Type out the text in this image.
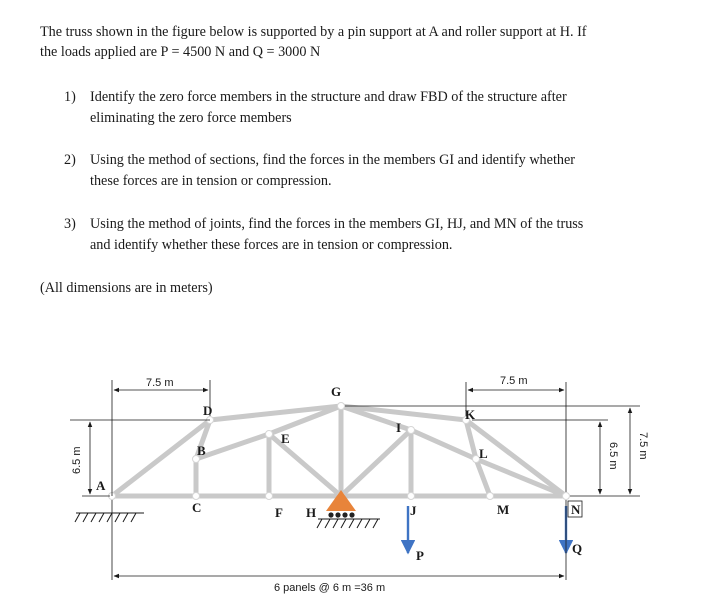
The truss shown in the figure below is supported by a pin support at A and roller support at H. If
the loads applied are P = 4500 N and Q = 3000 N
1) Identify the zero force members in the structure and draw FBD of the structure after
eliminating the zero force members
2) Using the method of sections, find the forces in the members GI and identify whether
these forces are in tension or compression.
3) Using the method of joints, find the forces in the members GI, HJ, and MN of the truss
and identify whether these forces are in tension or compression.
(All dimensions are in meters)
A
B
C
D
E
F
G
H
I
J
K
L
M	N
P	Q
7.5 m	7.5 m
6 panels @ 6 m =36 m
6.5 m	6.5 m 7.5 m
